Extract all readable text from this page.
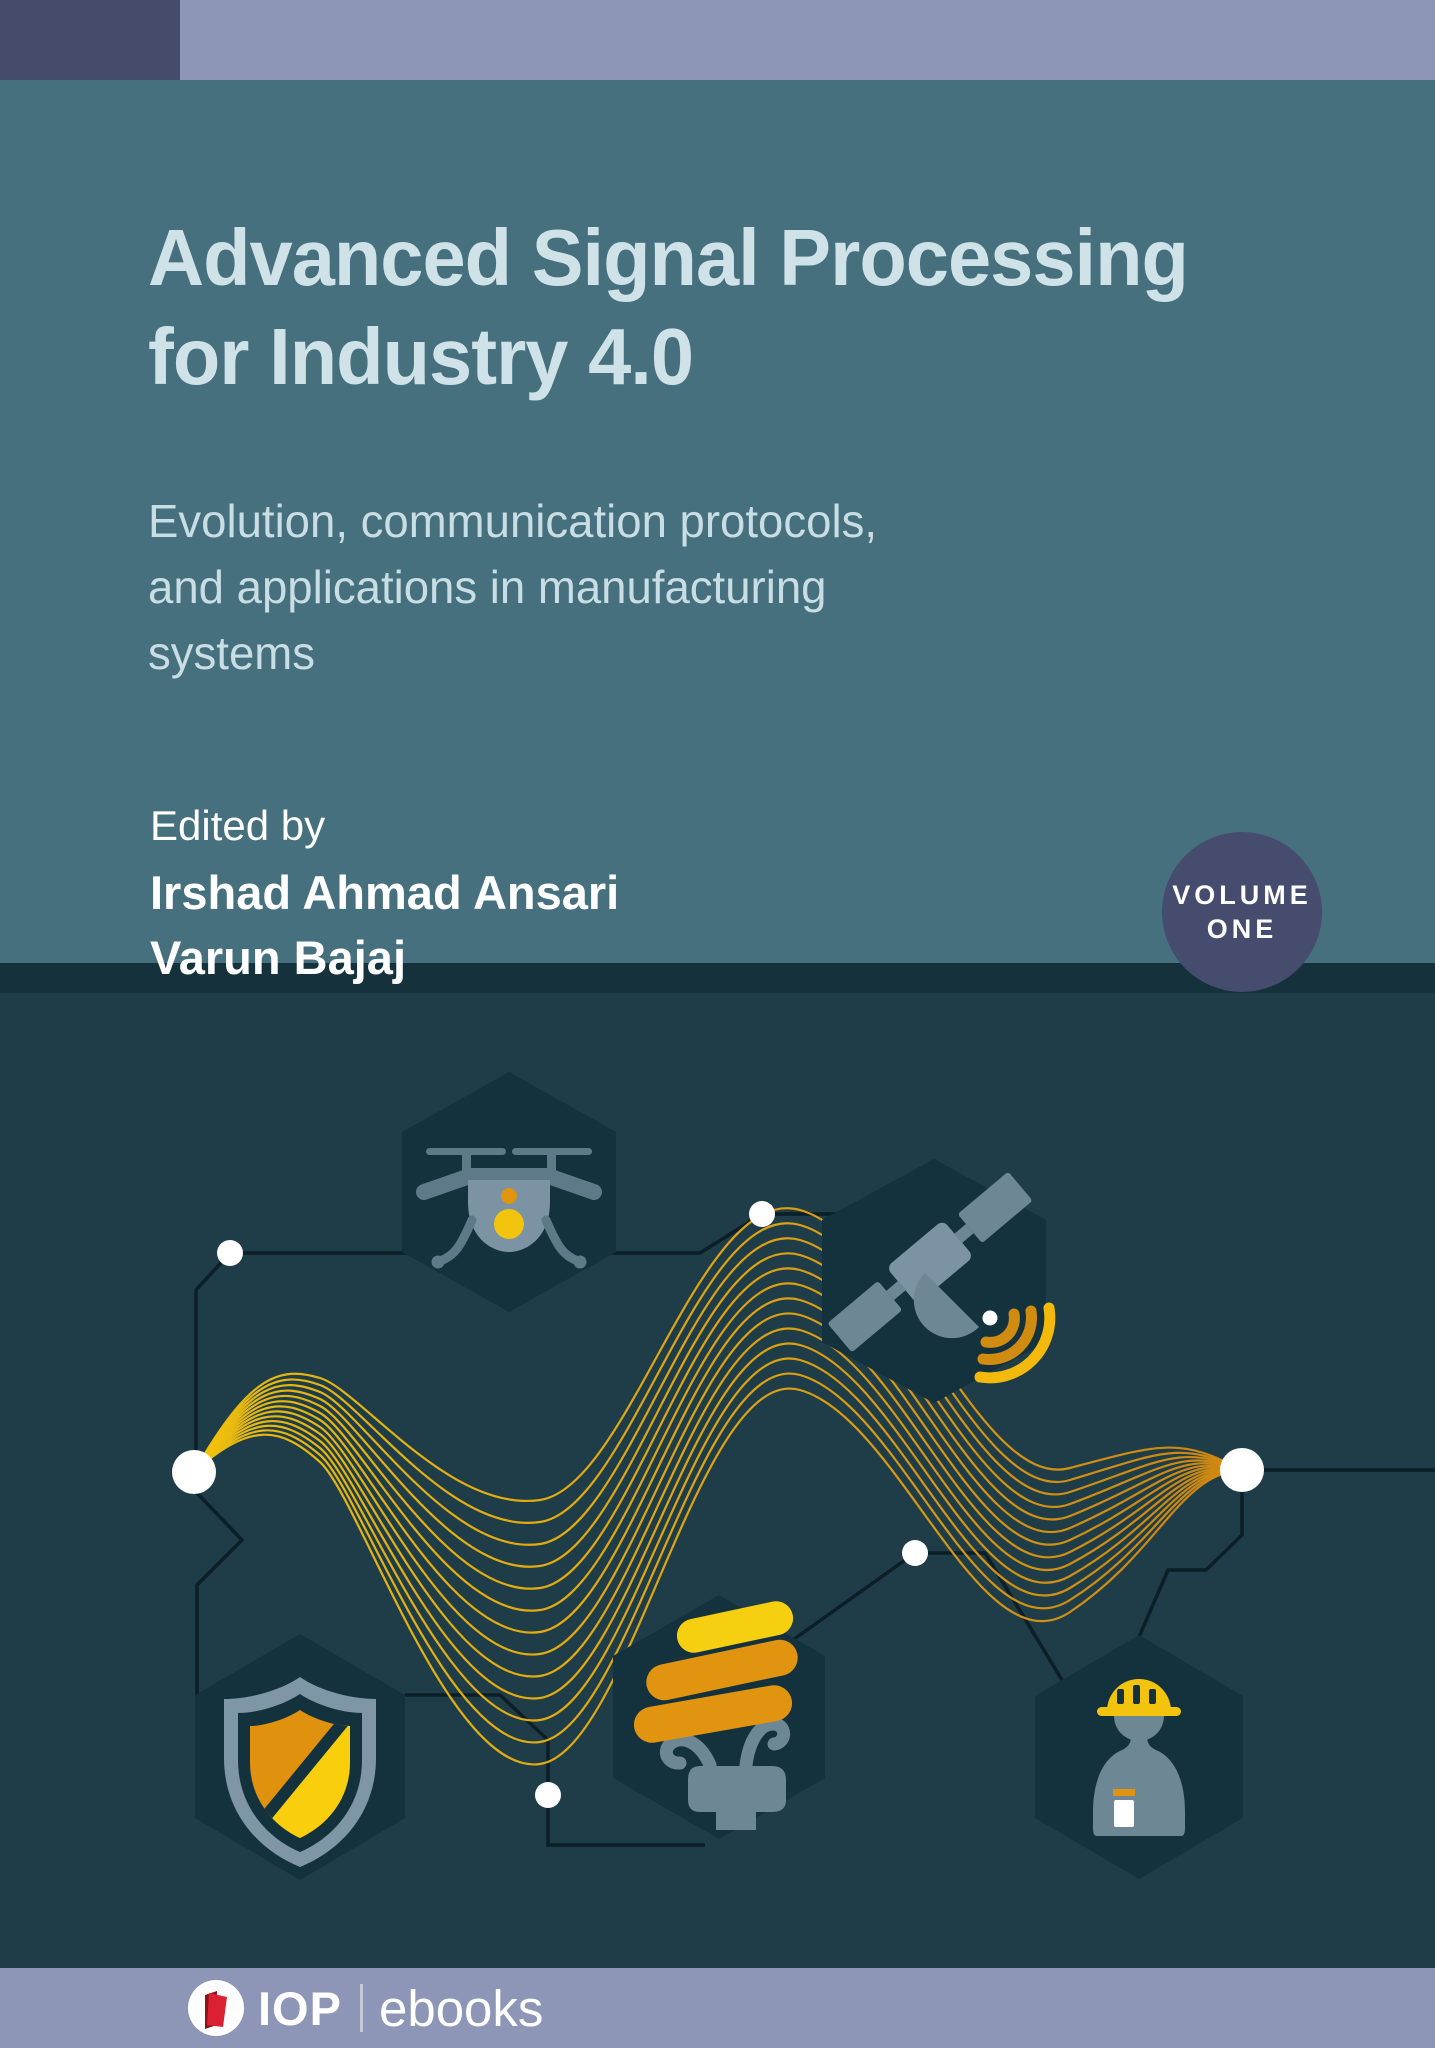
Advanced Signal Processing
for Industry 4.0
Evolution, communication protocols,
and applications in manufacturing
systems
Edited by
Irshad Ahmad Ansari
Varun Bajaj
VOLUME
ONE
IOP ebooks
